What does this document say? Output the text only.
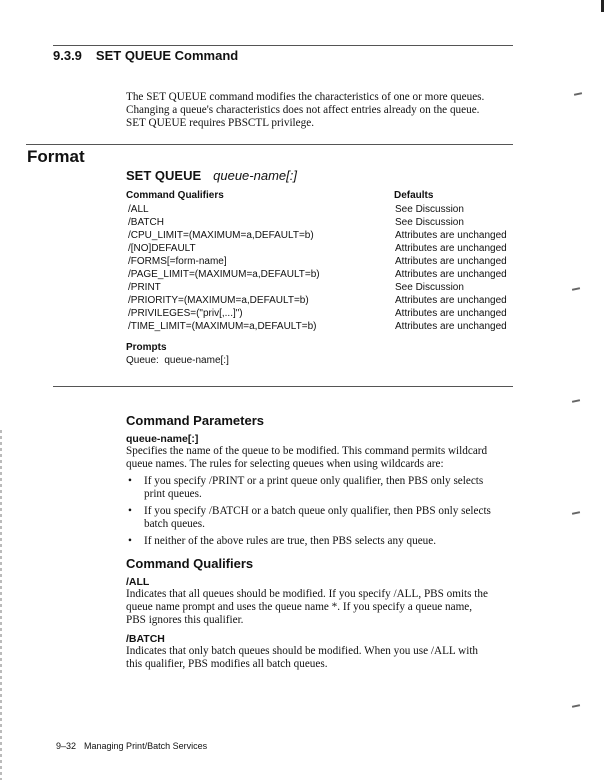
9.3.9 SET QUEUE Command
The SET QUEUE command modifies the characteristics of one or more queues.
Changing a queue's characteristics does not affect entries already on the queue.
SET QUEUE requires PBSCTL privilege.
Format
SET QUEUE queue-name[:]
Command Qualifiers	Defaults
/ALL	See Discussion
/BATCH	See Discussion
/CPU_LIMIT=(MAXIMUM=a,DEFAULT=b)	Attributes are unchanged
/[NO]DEFAULT	Attributes are unchanged
/FORMS[=form-name]	Attributes are unchanged
/PAGE_LIMIT=(MAXIMUM=a,DEFAULT=b)	Attributes are unchanged
/PRINT	See Discussion
/PRIORITY=(MAXIMUM=a,DEFAULT=b)	Attributes are unchanged
/PRIVILEGES=("priv[,...]")	Attributes are unchanged
/TIME_LIMIT=(MAXIMUM=a,DEFAULT=b)	Attributes are unchanged
Prompts
Queue:  queue-name[:]
Command Parameters
queue-name[:]
Specifies the name of the queue to be modified. This command permits wildcard
queue names. The rules for selecting queues when using wildcards are:
• If you specify /PRINT or a print queue only qualifier, then PBS only selects
print queues.
• If you specify /BATCH or a batch queue only qualifier, then PBS only selects
batch queues.
• If neither of the above rules are true, then PBS selects any queue.
Command Qualifiers
/ALL
Indicates that all queues should be modified. If you specify /ALL, PBS omits the
queue name prompt and uses the queue name *. If you specify a queue name,
PBS ignores this qualifier.
/BATCH
Indicates that only batch queues should be modified. When you use /ALL with
this qualifier, PBS modifies all batch queues.
9–32 Managing Print/Batch Services
